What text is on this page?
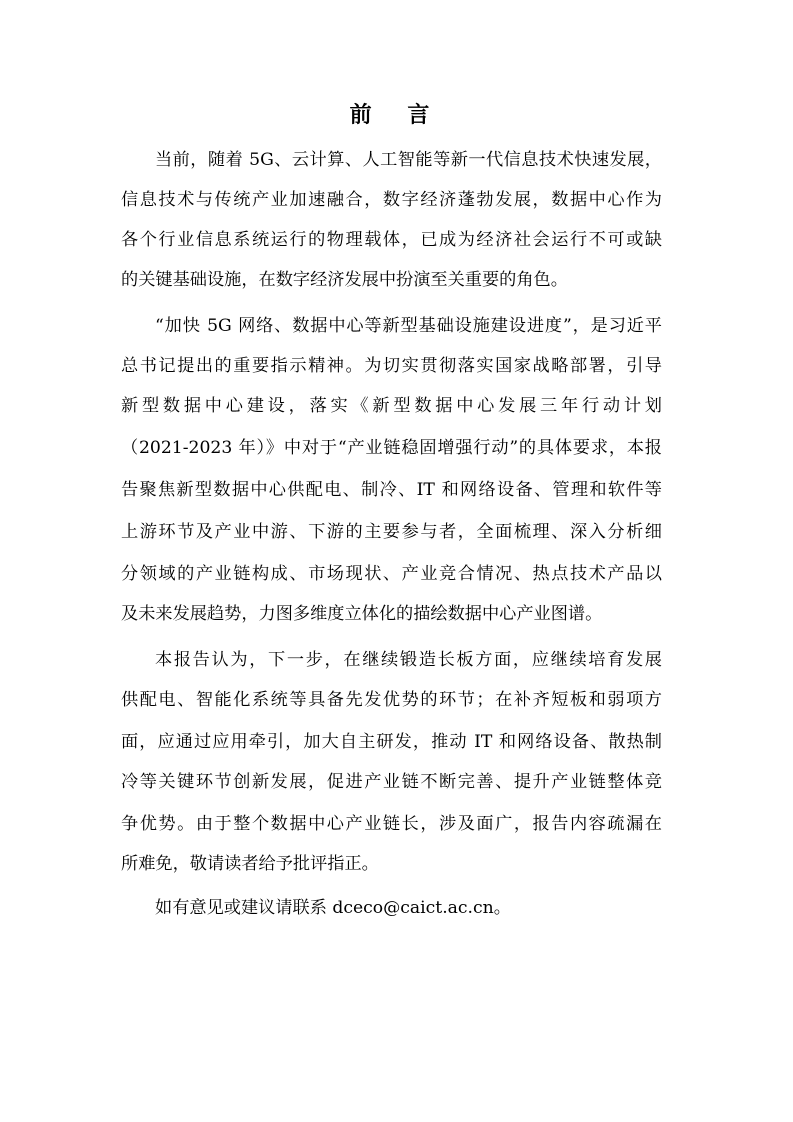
前 言
当前，随着 5G、云计算、人工智能等新一代信息技术快速发展，
信息技术与传统产业加速融合，数字经济蓬勃发展，数据中心作为
各个行业信息系统运行的物理载体，已成为经济社会运行不可或缺
的关键基础设施，在数字经济发展中扮演至关重要的角色。
“加快 5G 网络、数据中心等新型基础设施建设进度”，是习近平
总书记提出的重要指示精神。为切实贯彻落实国家战略部署，引导
新型数据中心建设，落实《新型数据中心发展三年行动计划
（2021-2023 年）》中对于“产业链稳固增强行动”的具体要求，本报
告聚焦新型数据中心供配电、制冷、IT 和网络设备、管理和软件等
上游环节及产业中游、下游的主要参与者，全面梳理、深入分析细
分领域的产业链构成、市场现状、产业竞合情况、热点技术产品以
及未来发展趋势，力图多维度立体化的描绘数据中心产业图谱。
本报告认为，下一步，在继续锻造长板方面，应继续培育发展
供配电、智能化系统等具备先发优势的环节；在补齐短板和弱项方
面，应通过应用牵引，加大自主研发，推动 IT 和网络设备、散热制
冷等关键环节创新发展，促进产业链不断完善、提升产业链整体竞
争优势。由于整个数据中心产业链长，涉及面广，报告内容疏漏在
所难免，敬请读者给予批评指正。
如有意见或建议请联系 dceco@caict.ac.cn。
